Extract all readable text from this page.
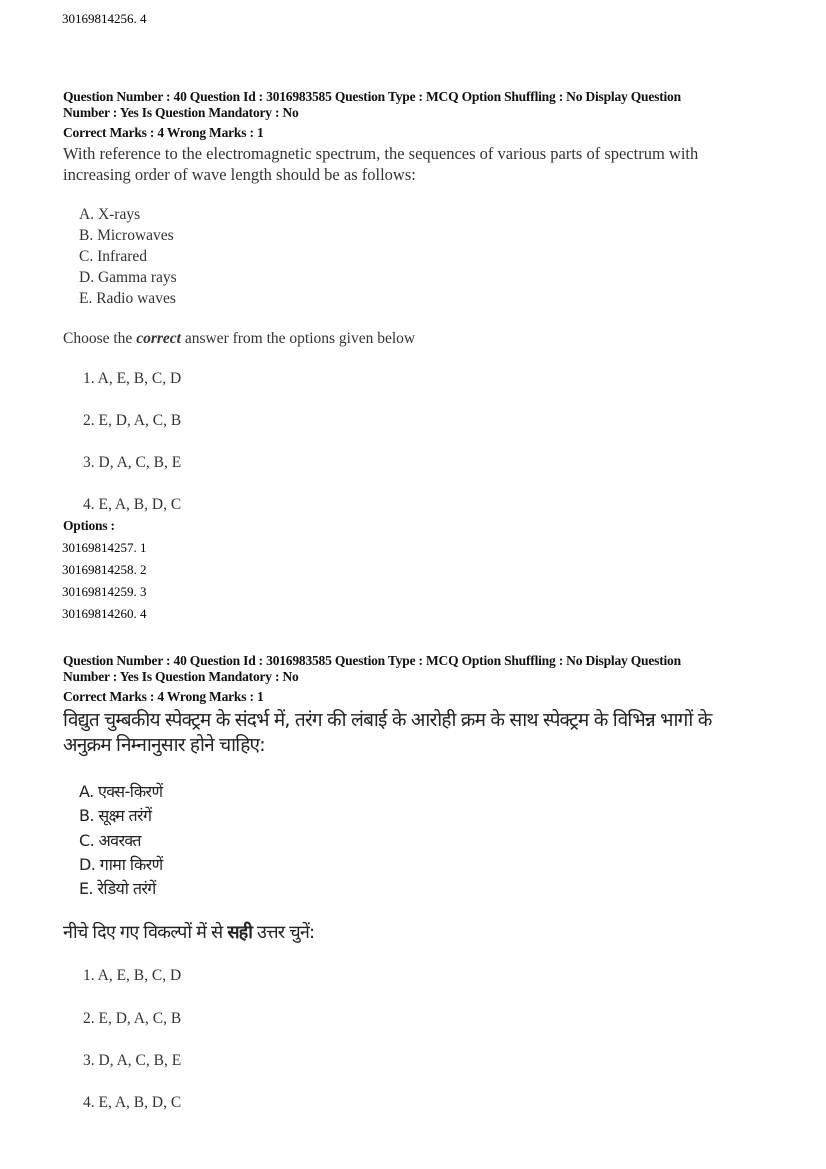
30169814256. 4
Question Number : 40 Question Id : 3016983585 Question Type : MCQ Option Shuffling : No Display Question
Number : Yes Is Question Mandatory : No
Correct Marks : 4 Wrong Marks : 1
With reference to the electromagnetic spectrum, the sequences of various parts of spectrum with
increasing order of wave length should be as follows:
A. X-rays
B. Microwaves
C. Infrared
D. Gamma rays
E. Radio waves
Choose the correct answer from the options given below
1. A, E, B, C, D
2. E, D, A, C, B
3. D, A, C, B, E
4. E, A, B, D, C
Options :
30169814257. 1
30169814258. 2
30169814259. 3
30169814260. 4
Question Number : 40 Question Id : 3016983585 Question Type : MCQ Option Shuffling : No Display Question
Number : Yes Is Question Mandatory : No
Correct Marks : 4 Wrong Marks : 1
विद्युत चुम्बकीय स्पेक्ट्रम के संदर्भ में, तरंग की लंबाई के आरोही क्रम के साथ स्पेक्ट्रम के विभिन्न भागों के
अनुक्रम निम्नानुसार होने चाहिए:
A. एक्स-किरणें
B. सूक्ष्म तरंगें
C. अवरक्त
D. गामा किरणें
E. रेडियो तरंगें
नीचे दिए गए विकल्पों में से सही उत्तर चुनें:
1. A, E, B, C, D
2. E, D, A, C, B
3. D, A, C, B, E
4. E, A, B, D, C
